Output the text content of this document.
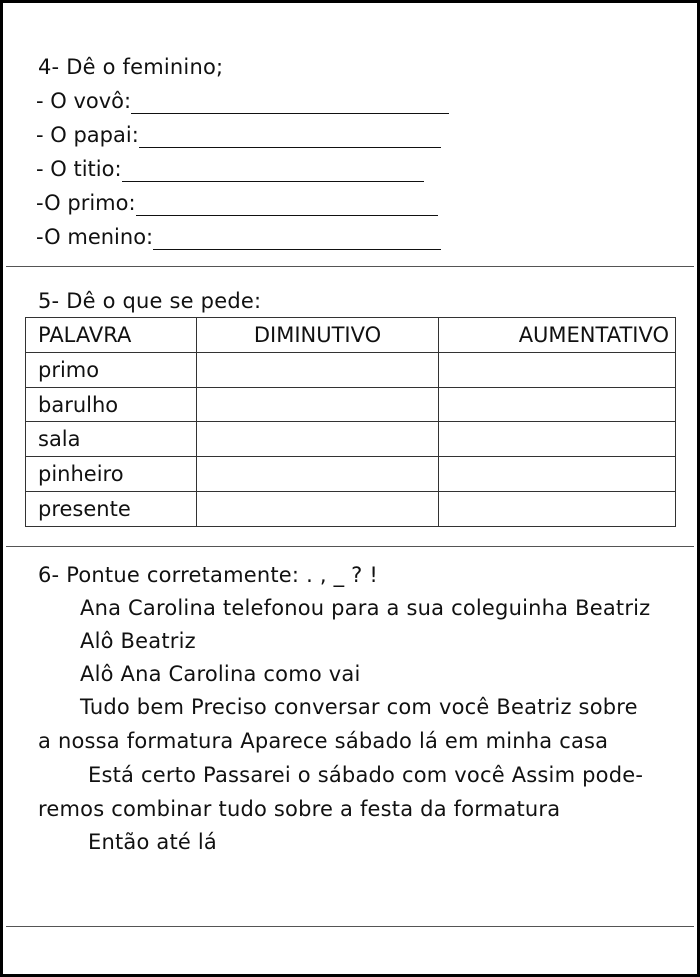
4- Dê o feminino;
- O vovô:
- O papai:
- O titio:
-O primo:
-O menino:
5- Dê o que se pede:
PALAVRA	DIMINUTIVO	AUMENTATIVO
primo		
barulho		
sala		
pinheiro		
presente		
6- Pontue corretamente: . , _ ? !
Ana Carolina telefonou para a sua coleguinha Beatriz
Alô Beatriz
Alô Ana Carolina como vai
Tudo bem Preciso conversar com você Beatriz sobre
a nossa formatura Aparece sábado lá em minha casa
Está certo Passarei o sábado com você Assim pode-
remos combinar tudo sobre a festa da formatura
Então até lá
